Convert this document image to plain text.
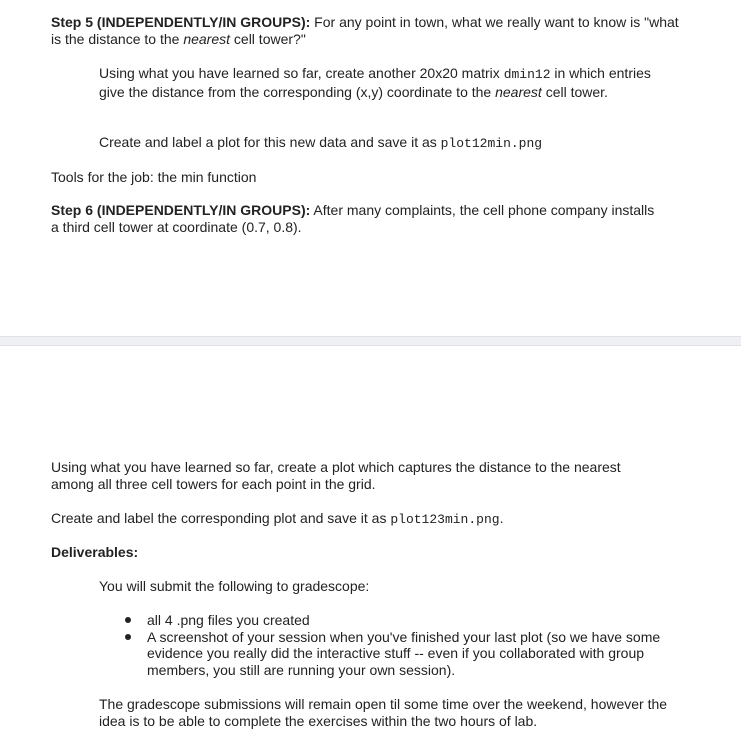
Step 5 (INDEPENDENTLY/IN GROUPS): For any point in town, what we really want to know is "what is the distance to the nearest cell tower?"

Using what you have learned so far, create another 20x20 matrix dmin12 in which entries give the distance from the corresponding (x,y) coordinate to the nearest cell tower.

Create and label a plot for this new data and save it as plot12min.png

Tools for the job: the min function

Step 6 (INDEPENDENTLY/IN GROUPS): After many complaints, the cell phone company installs a third cell tower at coordinate (0.7, 0.8).

Using what you have learned so far, create a plot which captures the distance to the nearest among all three cell towers for each point in the grid.

Create and label the corresponding plot and save it as plot123min.png.

Deliverables:

You will submit the following to gradescope:

all 4 .png files you created
A screenshot of your session when you've finished your last plot (so we have some evidence you really did the interactive stuff -- even if you collaborated with group members, you still are running your own session).

The gradescope submissions will remain open til some time over the weekend, however the idea is to be able to complete the exercises within the two hours of lab.
